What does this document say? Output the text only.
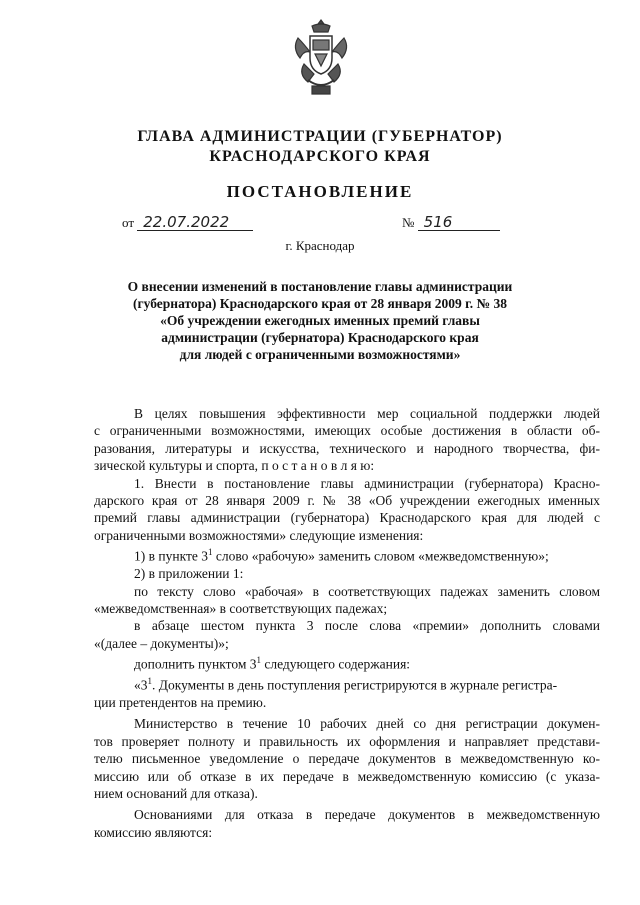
ГЛАВА АДМИНИСТРАЦИИ (ГУБЕРНАТОР)
КРАСНОДАРСКОГО КРАЯ
ПОСТАНОВЛЕНИЕ
от 22.07.2022	№ 516
г. Краснодар
О внесении изменений в постановление главы администрации
(губернатора) Краснодарского края от 28 января 2009 г. № 38
«Об учреждении ежегодных именных премий главы
администрации (губернатора) Краснодарского края
для людей с ограниченными возможностями»
В целях повышения эффективности мер социальной поддержки людей
с ограниченными возможностями, имеющих особые достижения в области об-
разования, литературы и искусства, технического и народного творчества, фи-
зической культуры и спорта, п о с т а н о в л я ю:
1. Внести в постановление главы администрации (губернатора) Красно-
дарского края от 28 января 2009 г. № 38 «Об учреждении ежегодных именных
премий главы администрации (губернатора) Краснодарского края для людей с
ограниченными возможностями» следующие изменения:
1) в пункте $3^1$ слово «рабочую» заменить словом «межведомственную»;
2) в приложении 1:
по тексту слово «рабочая» в соответствующих падежах заменить словом
«межведомственная» в соответствующих падежах;
в абзаце шестом пункта 3 после слова «премии» дополнить словами
«(далее – документы)»;
дополнить пунктом $3^1$ следующего содержания:
«$3^1$. Документы в день поступления регистрируются в журнале регистра-
ции претендентов на премию.
Министерство в течение 10 рабочих дней со дня регистрации докумен-
тов проверяет полноту и правильность их оформления и направляет представи-
телю письменное уведомление о передаче документов в межведомственную ко-
миссию или об отказе в их передаче в межведомственную комиссию (с указа-
нием оснований для отказа).
Основаниями для отказа в передаче документов в межведомственную
комиссию являются:
